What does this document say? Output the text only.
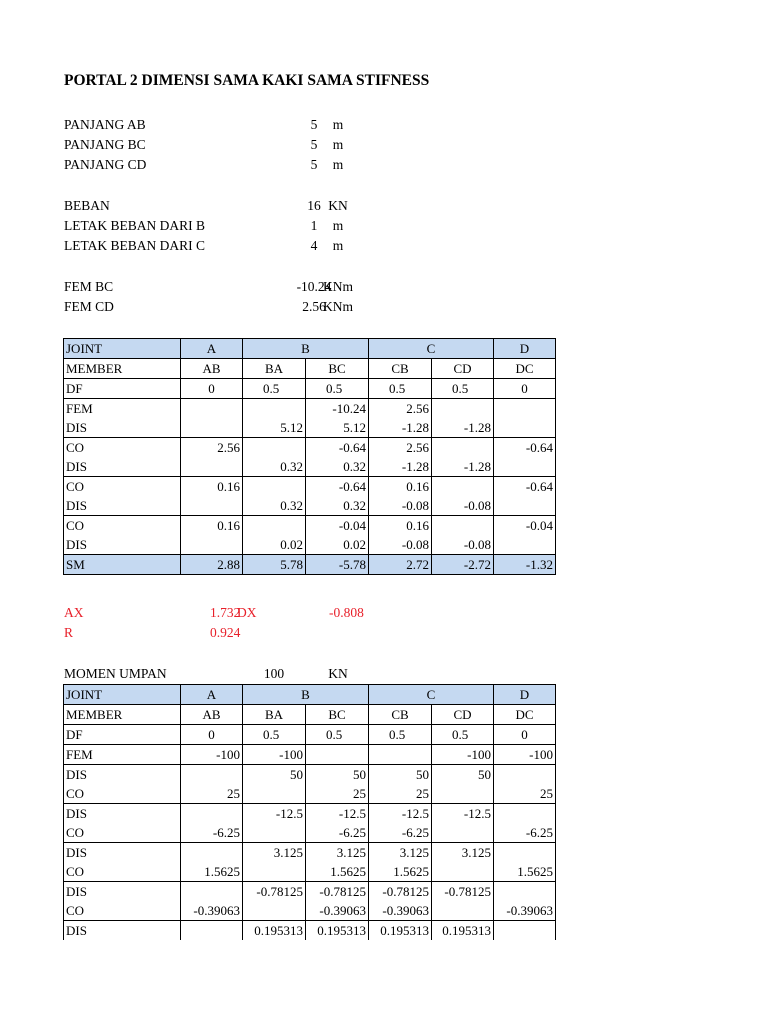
PORTAL 2 DIMENSI SAMA KAKI SAMA STIFNESS
PANJANG AB	5	m
PANJANG BC	5	m
PANJANG CD	5	m
BEBAN	16 KN
LETAK BEBAN DARI B	1	m
LETAK BEBAN DARI C	4	m
FEM BC	-10.24
KNm
FEM CD	2.56
KNm
JOINT	A	B		C		D
MEMBER	AB	BA	BC	CB	CD	DC
DF	0	0.5	0.5	0.5	0.5	0
FEM			-10.24	2.56		
DIS		5.12	5.12	-1.28	-1.28	
CO	2.56		-0.64	2.56		-0.64
DIS		0.32	0.32	-1.28	-1.28	
CO	0.16		-0.64	0.16		-0.64
DIS		0.32	0.32	-0.08	-0.08	
CO	0.16		-0.04	0.16		-0.04
DIS		0.02	0.02	-0.08	-0.08	
SM	2.88	5.78	-5.78	2.72	-2.72	-1.32
AX	1.732
DX	-0.808
R	0.924
MOMEN UMPAN	100	KN
JOINT	A	B		C		D
MEMBER	AB	BA	BC	CB	CD	DC
DF	0	0.5	0.5	0.5	0.5	0
FEM	-100	-100			-100	-100
DIS		50	50	50	50	
CO	25		25	25		25
DIS		-12.5	-12.5	-12.5	-12.5	
CO	-6.25		-6.25	-6.25		-6.25
DIS		3.125	3.125	3.125	3.125	
CO	1.5625		1.5625	1.5625		1.5625
DIS		-0.78125	-0.78125	-0.78125	-0.78125	
CO	-0.39063		-0.39063	-0.39063		-0.39063
DIS		0.195313	0.195313	0.195313	0.195313	
